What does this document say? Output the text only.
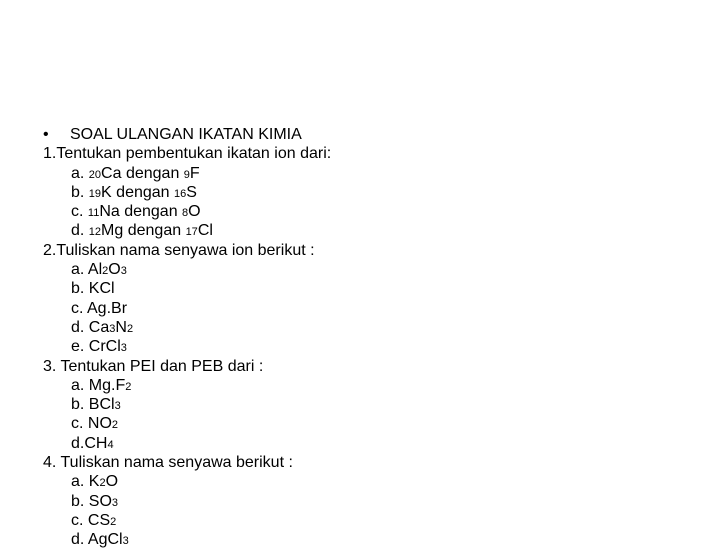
• SOAL ULANGAN IKATAN KIMIA
1.Tentukan pembentukan ikatan ion dari:
a. 20Ca dengan 9F
b. 19K dengan 16S
c. 11Na dengan 8O
d. 12Mg dengan 17Cl
2.Tuliskan nama senyawa ion berikut :
a. Al2O3
b. KCl
c. Ag.Br
d. Ca3N2
e. CrCl3
3. Tentukan PEI dan PEB dari :
a. Mg.F2
b. BCl3
c. NO2
d.CH4
4. Tuliskan nama senyawa berikut :
a. K2O
b. SO3
c. CS2
d. AgCl3
